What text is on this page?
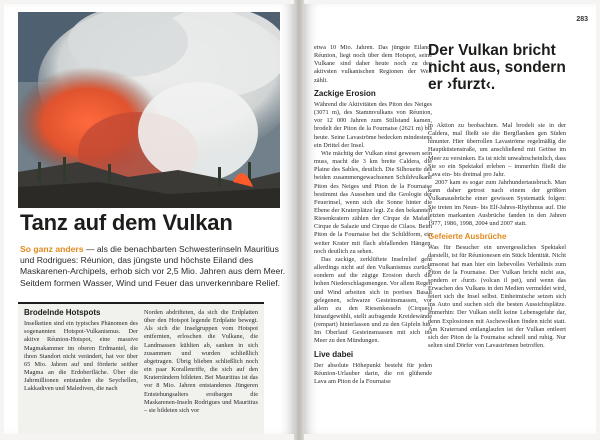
Tanz auf dem Vulkan
So ganz anders — als die benachbarten Schwesterinseln Mauritius und Rodrigues: Réunion, das jüngste und höchste Eiland des Maskarenen-Archipels, erhob sich vor 2,5 Mio. Jahren aus dem Meer. Seitdem formen Wasser, Wind und Feuer das unverkennbare Relief.
Brodelnde Hotspots

Inselketten sind ein typisches Phänomen des sogenannten Hotspot-Vulkanismus. Der aktive Réunion-Hotspot, eine massive Magmakammer im oberen Erdmantel, die ihren Standort nicht verändert, hat vor über 65 Mio. Jahren auf und förderte seither Magma an die Erdoberfläche. Über die Jahrmillionen entstanden die Seychellen, Lakkadiven und Malediven, die nach

Norden abdrifteten, da sich die Erdplatten über den Hotspot legende Erdplatte bewegt. Als sich die Inselgruppen vom Hotspot entfernten, erloschen die Vulkane, die Landmassen kühlten ab, sanken in sich zusammen und wurden schließlich abgetragen. Übrig blieben schließlich noch ein paar Korallenriffe, die sich auf den Kraterrändern bildeten. Bei Mauritius ist das vor 8 Mio. Jahren entstandenes Jüngeren Entstehungsalters erstbargen die Maskarenen-Inseln Rodrigues und Mauritius – sie bildeten sich vor

283

etwa 10 Mio. Jahren. Das jüngste Eiland, Réunion, liegt noch über dem Hotspot, seine Vulkane sind daher heute noch zu den aktivsten vulkanischen Regionen der Welt zählt.

Zackige Erosion

Während die Aktivitäten des Piton des Neiges (3071 m), des Stammvulkans von Réunion, vor 12 000 Jahren zum Stillstand kamen, brodelt der Piton de la Fournaise (2621 m) bis heute. Seine Lavaströme bedecken mindestens ein Drittel der Insel.

Wie mächtig der Vulkan einst gewesen sein muss, macht die 3 km breite Caldera, die Plaine des Sables, deutlich. Die Silhouette des beiden zusammengewachsenen Schildvulkane Piton des Neiges und Piton de la Fournaise bestimmt das Aussehen und die Geologie der Feuerinsel, wenn sich die Sonne hinter die Ebene der Kraterplätze legt. Zu den bekannten Riesenkratern zählen der Cirque de Mafate, Cirque de Salazie und Cirque de Cilaos. Beim Piton de la Fournaise bei die Schildform, ein weiter Krater mit flach abfallenden Hängen, noch deutlich zu sehen.

Das zackige, zerklüftete Inselrelief geht allerdings nicht auf den Vulkanismus zurück, sondern auf die zügige Erosion durch die hohen Niederschlagsmengen. Vor allem Regen und Wind arbeiten sich in poröses Basalt gelegenen, schwarze Gesteinsmassen, vor allem zu den Riesenkesseln (Cirques) hinaufgewühlt, stellt aufragende Kreidewände (rempart) hinterlassen und zu den Gipfeln hin. Im Oberlauf Gesteinsmassen mit sich ins Meer zu den Mündungen.

Live dabei

Der absolute Höhepunkt besteht für jeden Réunion-Urlauber darin, die rot glühende Lava am Piton de la Fournaise

Der Vulkan bricht nicht aus, sondern er ›furzt‹.

in Aktion zu beobachten. Mal brodelt sie in der Caldera, mal fließt sie die Bergflanken gen Süden hinunter. Hier überrollen Lavaströme regelmäßig die Hauptküstenstraße, um anschließend mit Getöse im Meer zu versinken. Es ist nicht unwahrscheinlich, dass Sie so ein Spektakel erleben – immerhin fließt die Lava ein- bis dreimal pro Jahr.

2007 kam es sogar zum Jahrhundertausbruch. Man kann daher getrost nach einem der größten Vulkanausbrüche einer gewissen Systematik folgen: Sie treten im Neun- bis Elf-Jahres-Rhythmus auf. Die letzten markanten Ausbrüche fanden in den Jahren 1977, 1986, 1998, 2004 und 2007 statt.

Gefeierte Ausbrüche

Was für Besucher ein unvergessliches Spektakel darstellt, ist für Réunionesen ein Stück Identität. Nicht umsonst hat man hier ein liebevolles Verhältnis zum Piton de la Fournaise. Der Vulkan bricht nicht aus, sondern er ›furzt‹ (volcan il pet), und wenn das Erwachen des Vulkans in den Medien vermeldet wird, feiert sich die Insel selbst. Einheimische setzen sich ins Auto und suchen sich die besten Aussichtsplätze. Immerhin: Der Vulkan stellt keine Lebensgefahr dar, denn Explosionen mit Aschewolken finden nicht statt. Am Kraterrand entlanglaufen ist der Vulkan entleert sich der Piton de la Fournaise schnell und ruhig. Nur selten sind Dörfer von Lavaströmen betroffen.
